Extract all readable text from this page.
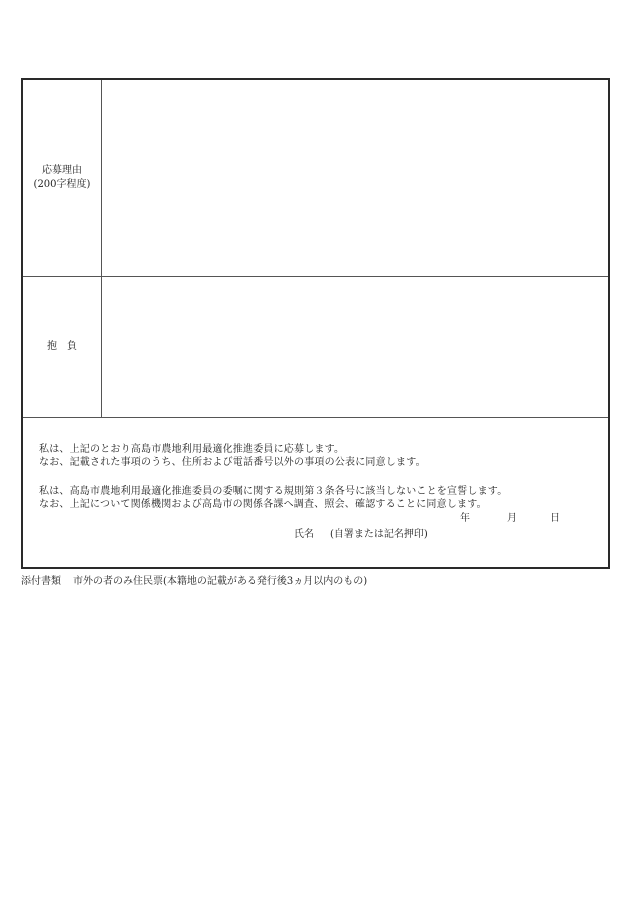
応募理由
(200字程度)
抱　負
私は、上記のとおり高島市農地利用最適化推進委員に応募します。
なお、記載された事項のうち、住所および電話番号以外の事項の公表に同意します。
私は、高島市農地利用最適化推進委員の委嘱に関する規則第３条各号に該当しないことを宣誓します。
なお、上記について関係機関および高島市の関係各課へ調査、照会、確認することに同意します。
年	月	日
氏名 (自署または記名押印)
添付書類 市外の者のみ住民票(本籍地の記載がある発行後3ヵ月以内のもの)
